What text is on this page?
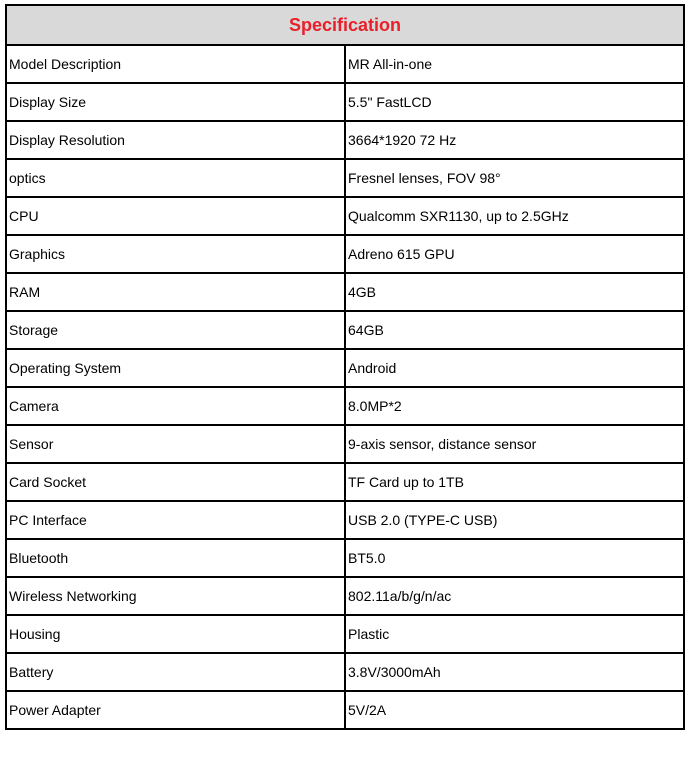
Specification	
Model Description	MR All-in-one
Display Size	5.5" FastLCD
Display Resolution	3664*1920 72 Hz
optics	Fresnel lenses, FOV 98°
CPU	Qualcomm SXR1130, up to 2.5GHz
Graphics	Adreno 615 GPU
RAM	4GB
Storage	64GB
Operating System	Android
Camera	8.0MP*2
Sensor	9-axis sensor, distance sensor
Card Socket	TF Card up to 1TB
PC Interface	USB 2.0 (TYPE-C USB)
Bluetooth	BT5.0
Wireless Networking	802.11a/b/g/n/ac
Housing	Plastic
Battery	3.8V/3000mAh
Power Adapter	5V/2A
